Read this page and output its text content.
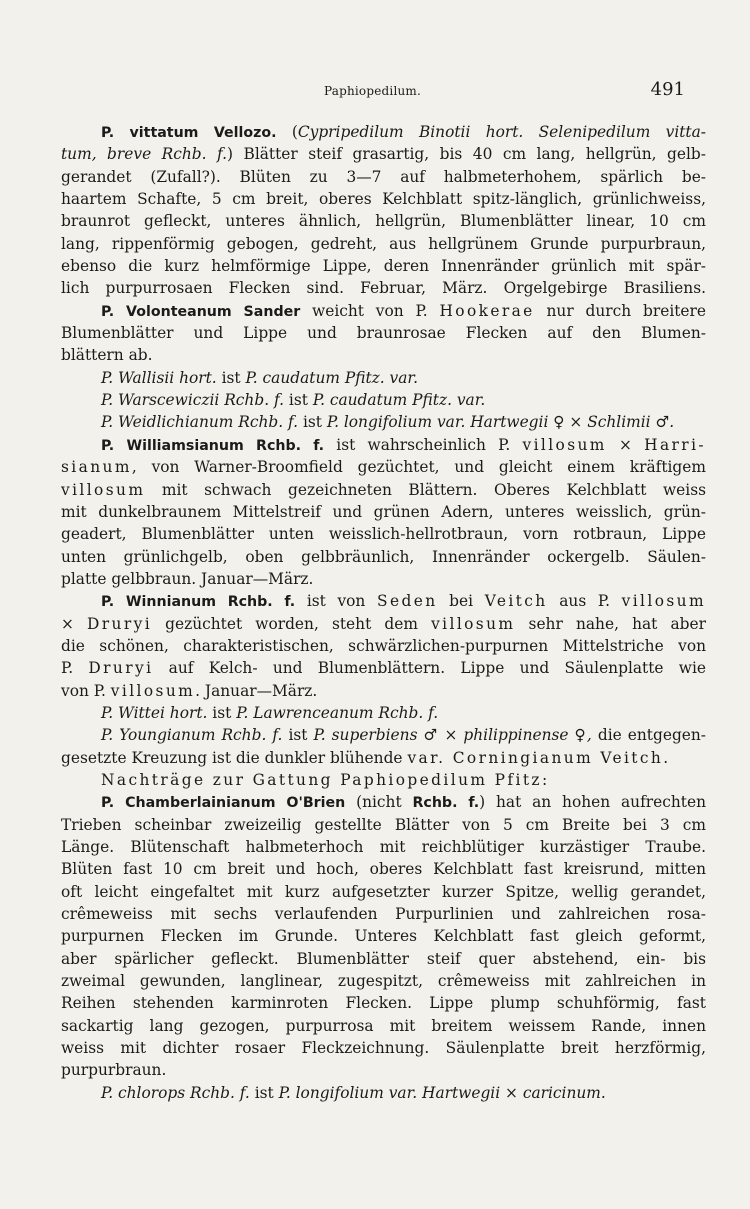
Paphiopedilum.	491
P. vittatum Vellozo. (Cypripedilum Binotii hort. Selenipedilum vitta-
tum, breve Rchb. f.) Blätter steif grasartig, bis 40 cm lang, hellgrün, gelb-
gerandet (Zufall?). Blüten zu 3—7 auf halbmeterhohem, spärlich be-
haartem Schafte, 5 cm breit, oberes Kelchblatt spitz-länglich, grünlichweiss,
braunrot gefleckt, unteres ähnlich, hellgrün, Blumenblätter linear, 10 cm
lang, rippenförmig gebogen, gedreht, aus hellgrünem Grunde purpurbraun,
ebenso die kurz helmförmige Lippe, deren Innenränder grünlich mit spär-
lich purpurrosaen Flecken sind. Februar, März. Orgelgebirge Brasiliens.
P. Volonteanum Sander weicht von P. Hookerae nur durch breitere
Blumenblätter und Lippe und braunrosae Flecken auf den Blumen-
blättern ab.
P. Wallisii hort. ist P. caudatum Pfitz. var.
P. Warscewiczii Rchb. f. ist P. caudatum Pfitz. var.
P. Weidlichianum Rchb. f. ist P. longifolium var. Hartwegii ♀ × Schlimii ♂.
P. Williamsianum Rchb. f. ist wahrscheinlich P. villosum × Harri-
sianum, von Warner-Broomfield gezüchtet, und gleicht einem kräftigem
villosum mit schwach gezeichneten Blättern. Oberes Kelchblatt weiss
mit dunkelbraunem Mittelstreif und grünen Adern, unteres weisslich, grün-
geadert, Blumenblätter unten weisslich-hellrotbraun, vorn rotbraun, Lippe
unten grünlichgelb, oben gelbbräunlich, Innenränder ockergelb. Säulen-
platte gelbbraun. Januar—März.
P. Winnianum Rchb. f. ist von Seden bei Veitch aus P. villosum
× Druryi gezüchtet worden, steht dem villosum sehr nahe, hat aber
die schönen, charakteristischen, schwärzlichen-purpurnen Mittelstriche von
P. Druryi auf Kelch- und Blumenblättern. Lippe und Säulenplatte wie
von P. villosum. Januar—März.
P. Wittei hort. ist P. Lawrenceanum Rchb. f.
P. Youngianum Rchb. f. ist P. superbiens ♂ × philippinense ♀, die entgegen-
gesetzte Kreuzung ist die dunkler blühende var. Corningianum Veitch.
Nachträge zur Gattung Paphiopedilum Pfitz:
P. Chamberlainianum O'Brien (nicht Rchb. f.) hat an hohen aufrechten
Trieben scheinbar zweizeilig gestellte Blätter von 5 cm Breite bei 3 cm
Länge. Blütenschaft halbmeterhoch mit reichblütiger kurzästiger Traube.
Blüten fast 10 cm breit und hoch, oberes Kelchblatt fast kreisrund, mitten
oft leicht eingefaltet mit kurz aufgesetzter kurzer Spitze, wellig gerandet,
crêmeweiss mit sechs verlaufenden Purpurlinien und zahlreichen rosa-
purpurnen Flecken im Grunde. Unteres Kelchblatt fast gleich geformt,
aber spärlicher gefleckt. Blumenblätter steif quer abstehend, ein- bis
zweimal gewunden, langlinear, zugespitzt, crêmeweiss mit zahlreichen in
Reihen stehenden karminroten Flecken. Lippe plump schuhförmig, fast
sackartig lang gezogen, purpurrosa mit breitem weissem Rande, innen
weiss mit dichter rosaer Fleckzeichnung. Säulenplatte breit herzförmig,
purpurbraun.
P. chlorops Rchb. f. ist P. longifolium var. Hartwegii × caricinum.
